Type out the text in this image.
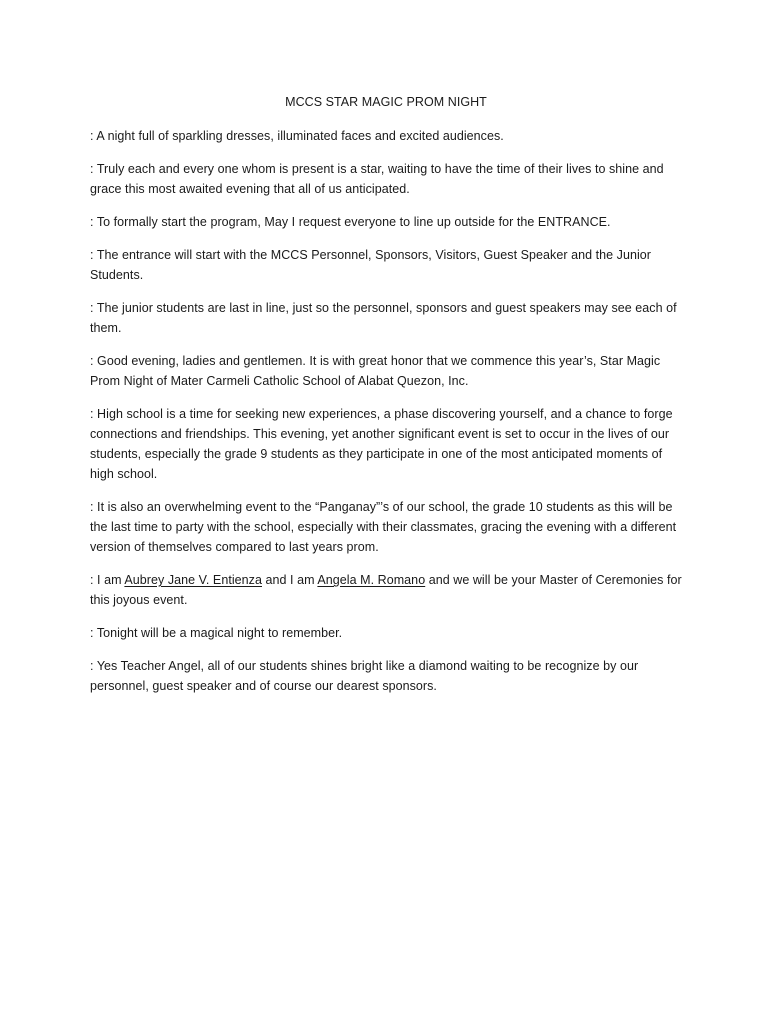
MCCS STAR MAGIC PROM NIGHT

: A night full of sparkling dresses, illuminated faces and excited audiences.

: Truly each and every one whom is present is a star, waiting to have the time of their lives to shine and grace this most awaited evening that all of us anticipated.

: To formally start the program, May I request everyone to line up outside for the ENTRANCE.

: The entrance will start with the MCCS Personnel, Sponsors, Visitors, Guest Speaker and the Junior Students.

: The junior students are last in line, just so the personnel, sponsors and guest speakers may see each of them.

: Good evening, ladies and gentlemen. It is with great honor that we commence this year’s, Star Magic Prom Night of Mater Carmeli Catholic School of Alabat Quezon, Inc.

: High school is a time for seeking new experiences, a phase discovering yourself, and a chance to forge connections and friendships. This evening, yet another significant event is set to occur in the lives of our students, especially the grade 9 students as they participate in one of the most anticipated moments of high school.

: It is also an overwhelming event to the “Panganay”’s of our school, the grade 10 students as this will be the last time to party with the school, especially with their classmates, gracing the evening with a different version of themselves compared to last years prom.

: I am Aubrey Jane V. Entienza and I am Angela M. Romano and we will be your Master of Ceremonies for this joyous event.

: Tonight will be a magical night to remember.

: Yes Teacher Angel, all of our students shines bright like a diamond waiting to be recognize by our personnel, guest speaker and of course our dearest sponsors.
